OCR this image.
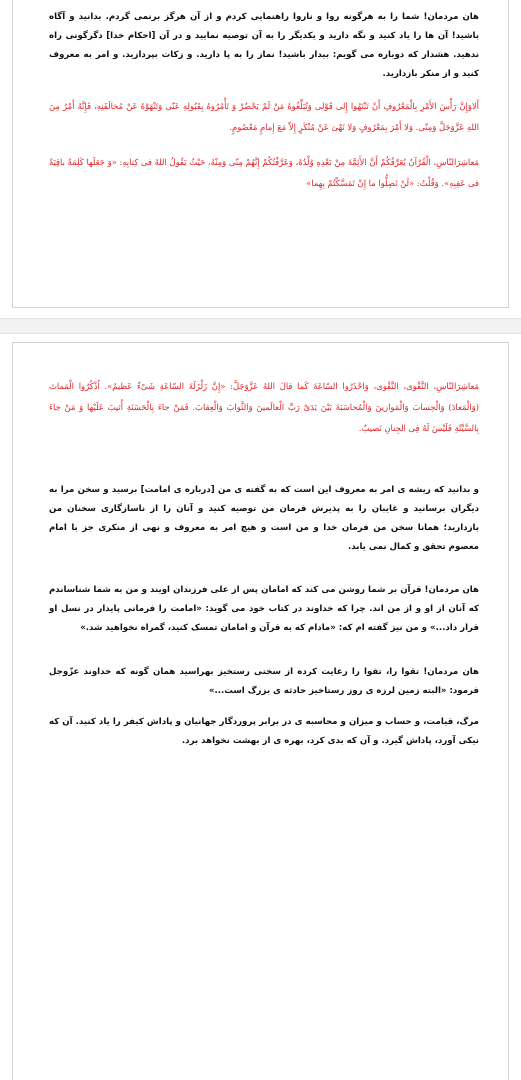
هان مردمان! شما را به هرگونه روا و ناروا راهنمایی کردم و از آن هرگز برنمی گردم. بدانید و آگاه باشید! آن ها را یاد کنید و نگه دارید و یکدیگر را به آن توصیه نمایید و در آن [احکام خدا] دگرگونی راه ندهید. هشدار که دوباره می گویم: بیدار باشید! نماز را به پا دارید. و زکات بپردازید. و امر به معروف کنید و از منکر بازدارید.

أَلاوَإِنَّ رَأْسَ الأَمْرِ بِالْمَعْرُوفِ أَنْ تَنْتَهُوا إِلى قَوْلی وَتُبَلِّغُوهُ مَنْ لَمْ یَحْضُرْ وَ تَأْمُرُوهُ بِقَبُولِهِ عَنّی وَتَنْهَوْهُ عَنْ مُخالَفَتِهِ، فَإِنَّهُ أَمْرٌ مِنَ اللهِ عَزَّوَجَلَّ وَمِنّی. وَلا أَمْرَ بِمَعْرُوفٍ وَلا نَهْیَ عَنْ مُنْکَرٍ إِلاّ مَعَ إِمامٍ مَعْصُومٍ.

مَعاشِرَالنّاسِ، الْقُرْآنُ یُعَرِّفُکُمْ أَنَّ الأَئِمَّةَ مِنْ بَعْدِهِ وُلْدُهُ، وَعَرَّفْتُکُمْ إِنَّهُمْ مِنّی وَمِنْهُ، حَیْثُ یَقُولُ اللهُ فی کِتابِهِ: «وَ جَعَلَها کَلِمَةً باقِیَةً فی عَقِبِهِ». وَقُلْتُ: «لَنْ تَضِلُّوا ما إِنْ تَمَسَّکْتُمْ بِهِما»

مَعاشِرَالنّاسِ، التَّقْوی، التَّقْوی، وَاحْذَرُوا السّاعَةَ کَما قالَ اللهُ عَزَّوَجَلَّ: «إِنَّ زَلْزَلَةَ السّاعَةِ شَیْءٌ عَظیمٌ». اُذْکُرُوا الْمَماتَ (وَالْمَعادَ) وَالْحِسابَ وَالْمَوازینَ وَالْمُحاسَبَةَ بَیْنَ یَدَیْ رَبِّ الْعالَمینَ وَالثَّوابَ وَالْعِقابَ. فَمَنْ جاءَ بِالْحَسَنَةِ أُثیبَ عَلَیْها وَ مَنْ جاءَ بِالسَّیِّئَةِ فَلَیْسَ لَهُ فِی الجِنانِ نَصیبٌ.

و بدانید که ریشه ی امر به معروف این است که به گفته ی من [درباره ی امامت] برسید و سخن مرا به دیگران برسانید و غایبان را به پذیرش فرمان من توصیه کنید و آنان را از ناسازگاری سخنان من بازدارید؛ همانا سخن من فرمان خدا و من است و هیچ امر به معروف و نهی از منکری جز با امام معصوم تحقق و کمال نمی یابد.

هان مردمان! قرآن بر شما روشن می کند که امامان پس از علی فرزندان اویند و من به شما شناساندم که آنان از او و از من اند. چرا که خداوند در کتاب خود می گوید: «امامت را فرمانی پایدار در نسل او قرار داد...» و من نیز گفته ام که: «مادام که به قرآن و امامان تمسک کنید، گمراه نخواهید شد.»

هان مردمان! تقوا را، تقوا را رعایت کرده از سختی رستخیز بهراسید همان گونه که خداوند عزّوجل فرمود: «البته زمین لرزه ی روز رستاخیز حادثه ی بزرگ است...»

مرگ، قیامت، و حساب و میزان و محاسبه ی در برابر پروردگار جهانیان و پاداش کیفر را یاد کنید. آن که نیکی آورد، پاداش گیرد. و آن که بدی کرد، بهره ی از بهشت نخواهد برد.
